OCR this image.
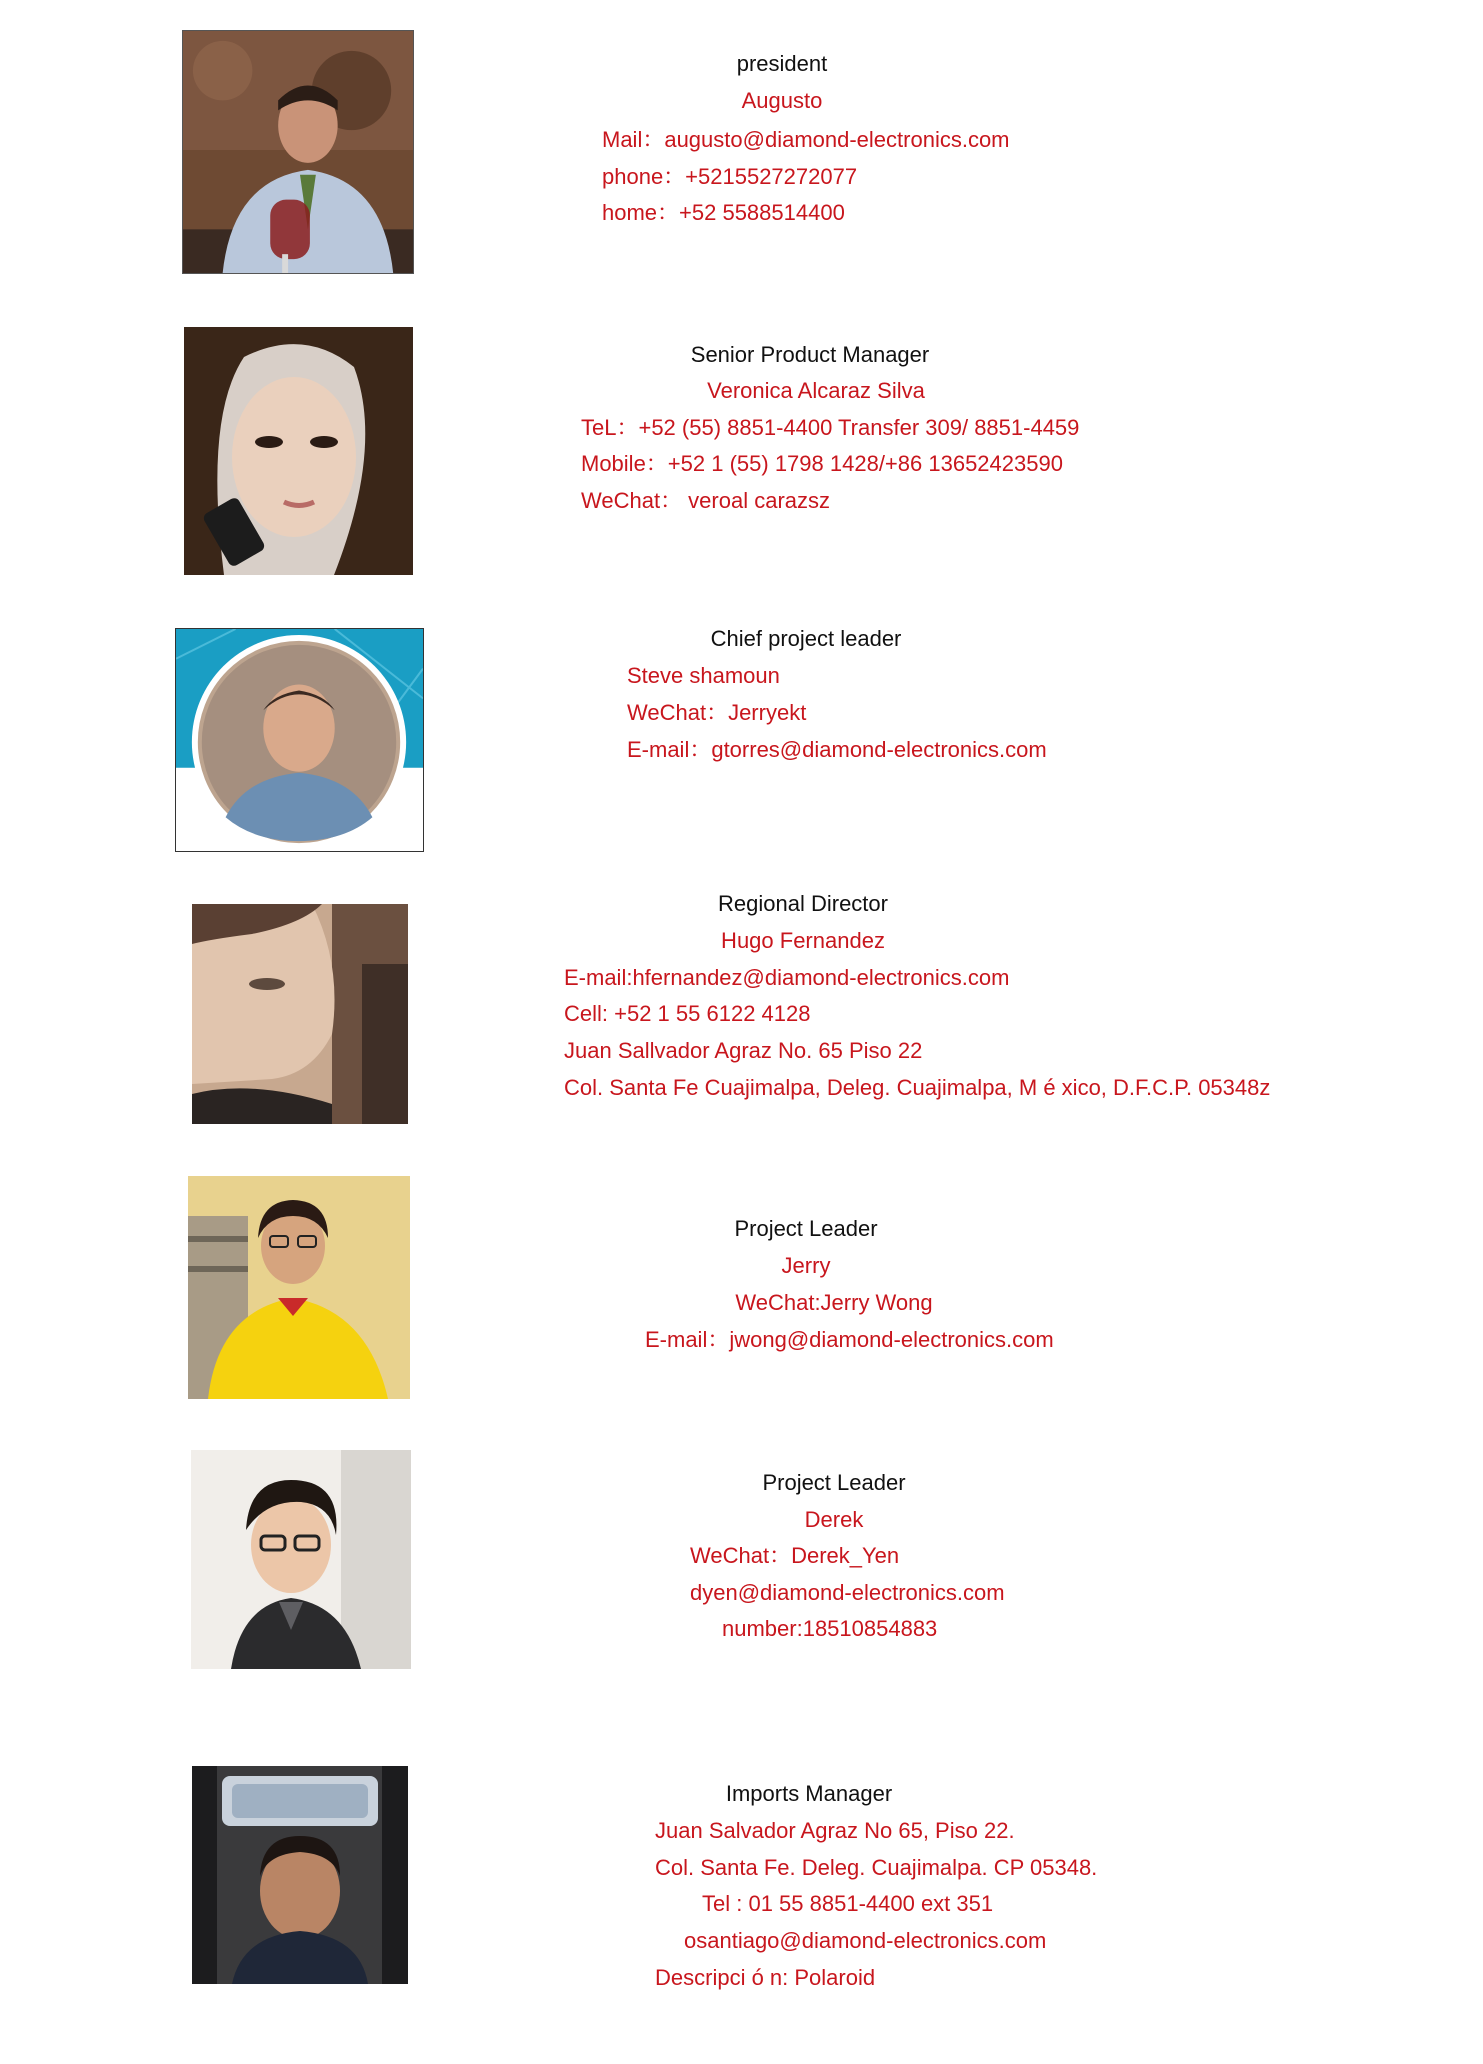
president
Augusto
Mail：augusto@diamond-electronics.com
phone：+5215527272077
home：+52 5588514400
Senior Product Manager
Veronica Alcaraz Silva
TeL：+52 (55) 8851-4400 Transfer 309/ 8851-4459
Mobile：+52 1 (55) 1798 1428/+86 13652423590
WeChat： veroal carazsz
Chief project leader
Steve shamoun
WeChat：Jerryekt
E-mail：gtorres@diamond-electronics.com
Regional Director
Hugo Fernandez
E-mail:hfernandez@diamond-electronics.com
Cell: +52 1 55 6122 4128
Juan Sallvador Agraz No. 65 Piso 22
Col. Santa Fe Cuajimalpa, Deleg. Cuajimalpa, M é xico, D.F.C.P. 05348z
Project Leader
Jerry
WeChat:Jerry Wong
E-mail：jwong@diamond-electronics.com
Project Leader
Derek
WeChat：Derek_Yen
dyen@diamond-electronics.com
number:18510854883
Imports Manager
Juan Salvador Agraz No 65, Piso 22.
Col. Santa Fe. Deleg. Cuajimalpa. CP 05348.
Tel : 01 55 8851-4400 ext 351
osantiago@diamond-electronics.com
Descripci ó n: Polaroid
